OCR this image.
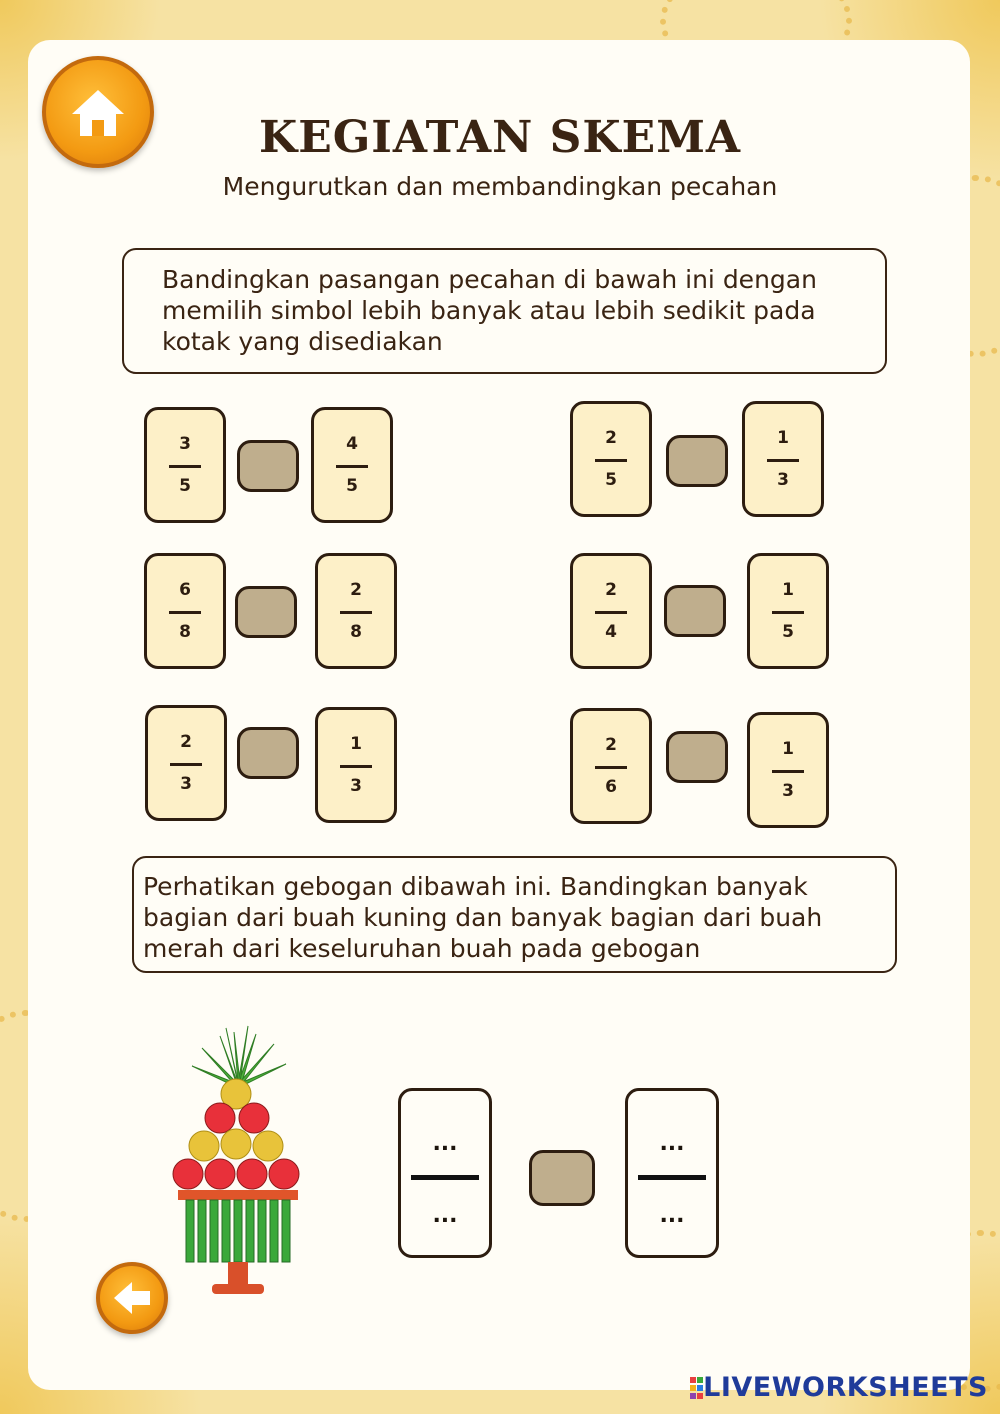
KEGIATAN SKEMA
Mengurutkan dan membandingkan pecahan
Bandingkan pasangan pecahan di bawah ini dengan
memilih simbol lebih banyak atau lebih sedikit pada
kotak yang disediakan
3
5
4
5
2
5
1
3
6
8
2
8
2
4
1
5
2
3
1
3
2
6
1
3
Perhatikan gebogan dibawah ini. Bandingkan banyak
bagian dari buah kuning dan banyak bagian dari buah
merah dari keseluruhan buah pada gebogan
...
...
...
...
LIVEWORKSHEETS
